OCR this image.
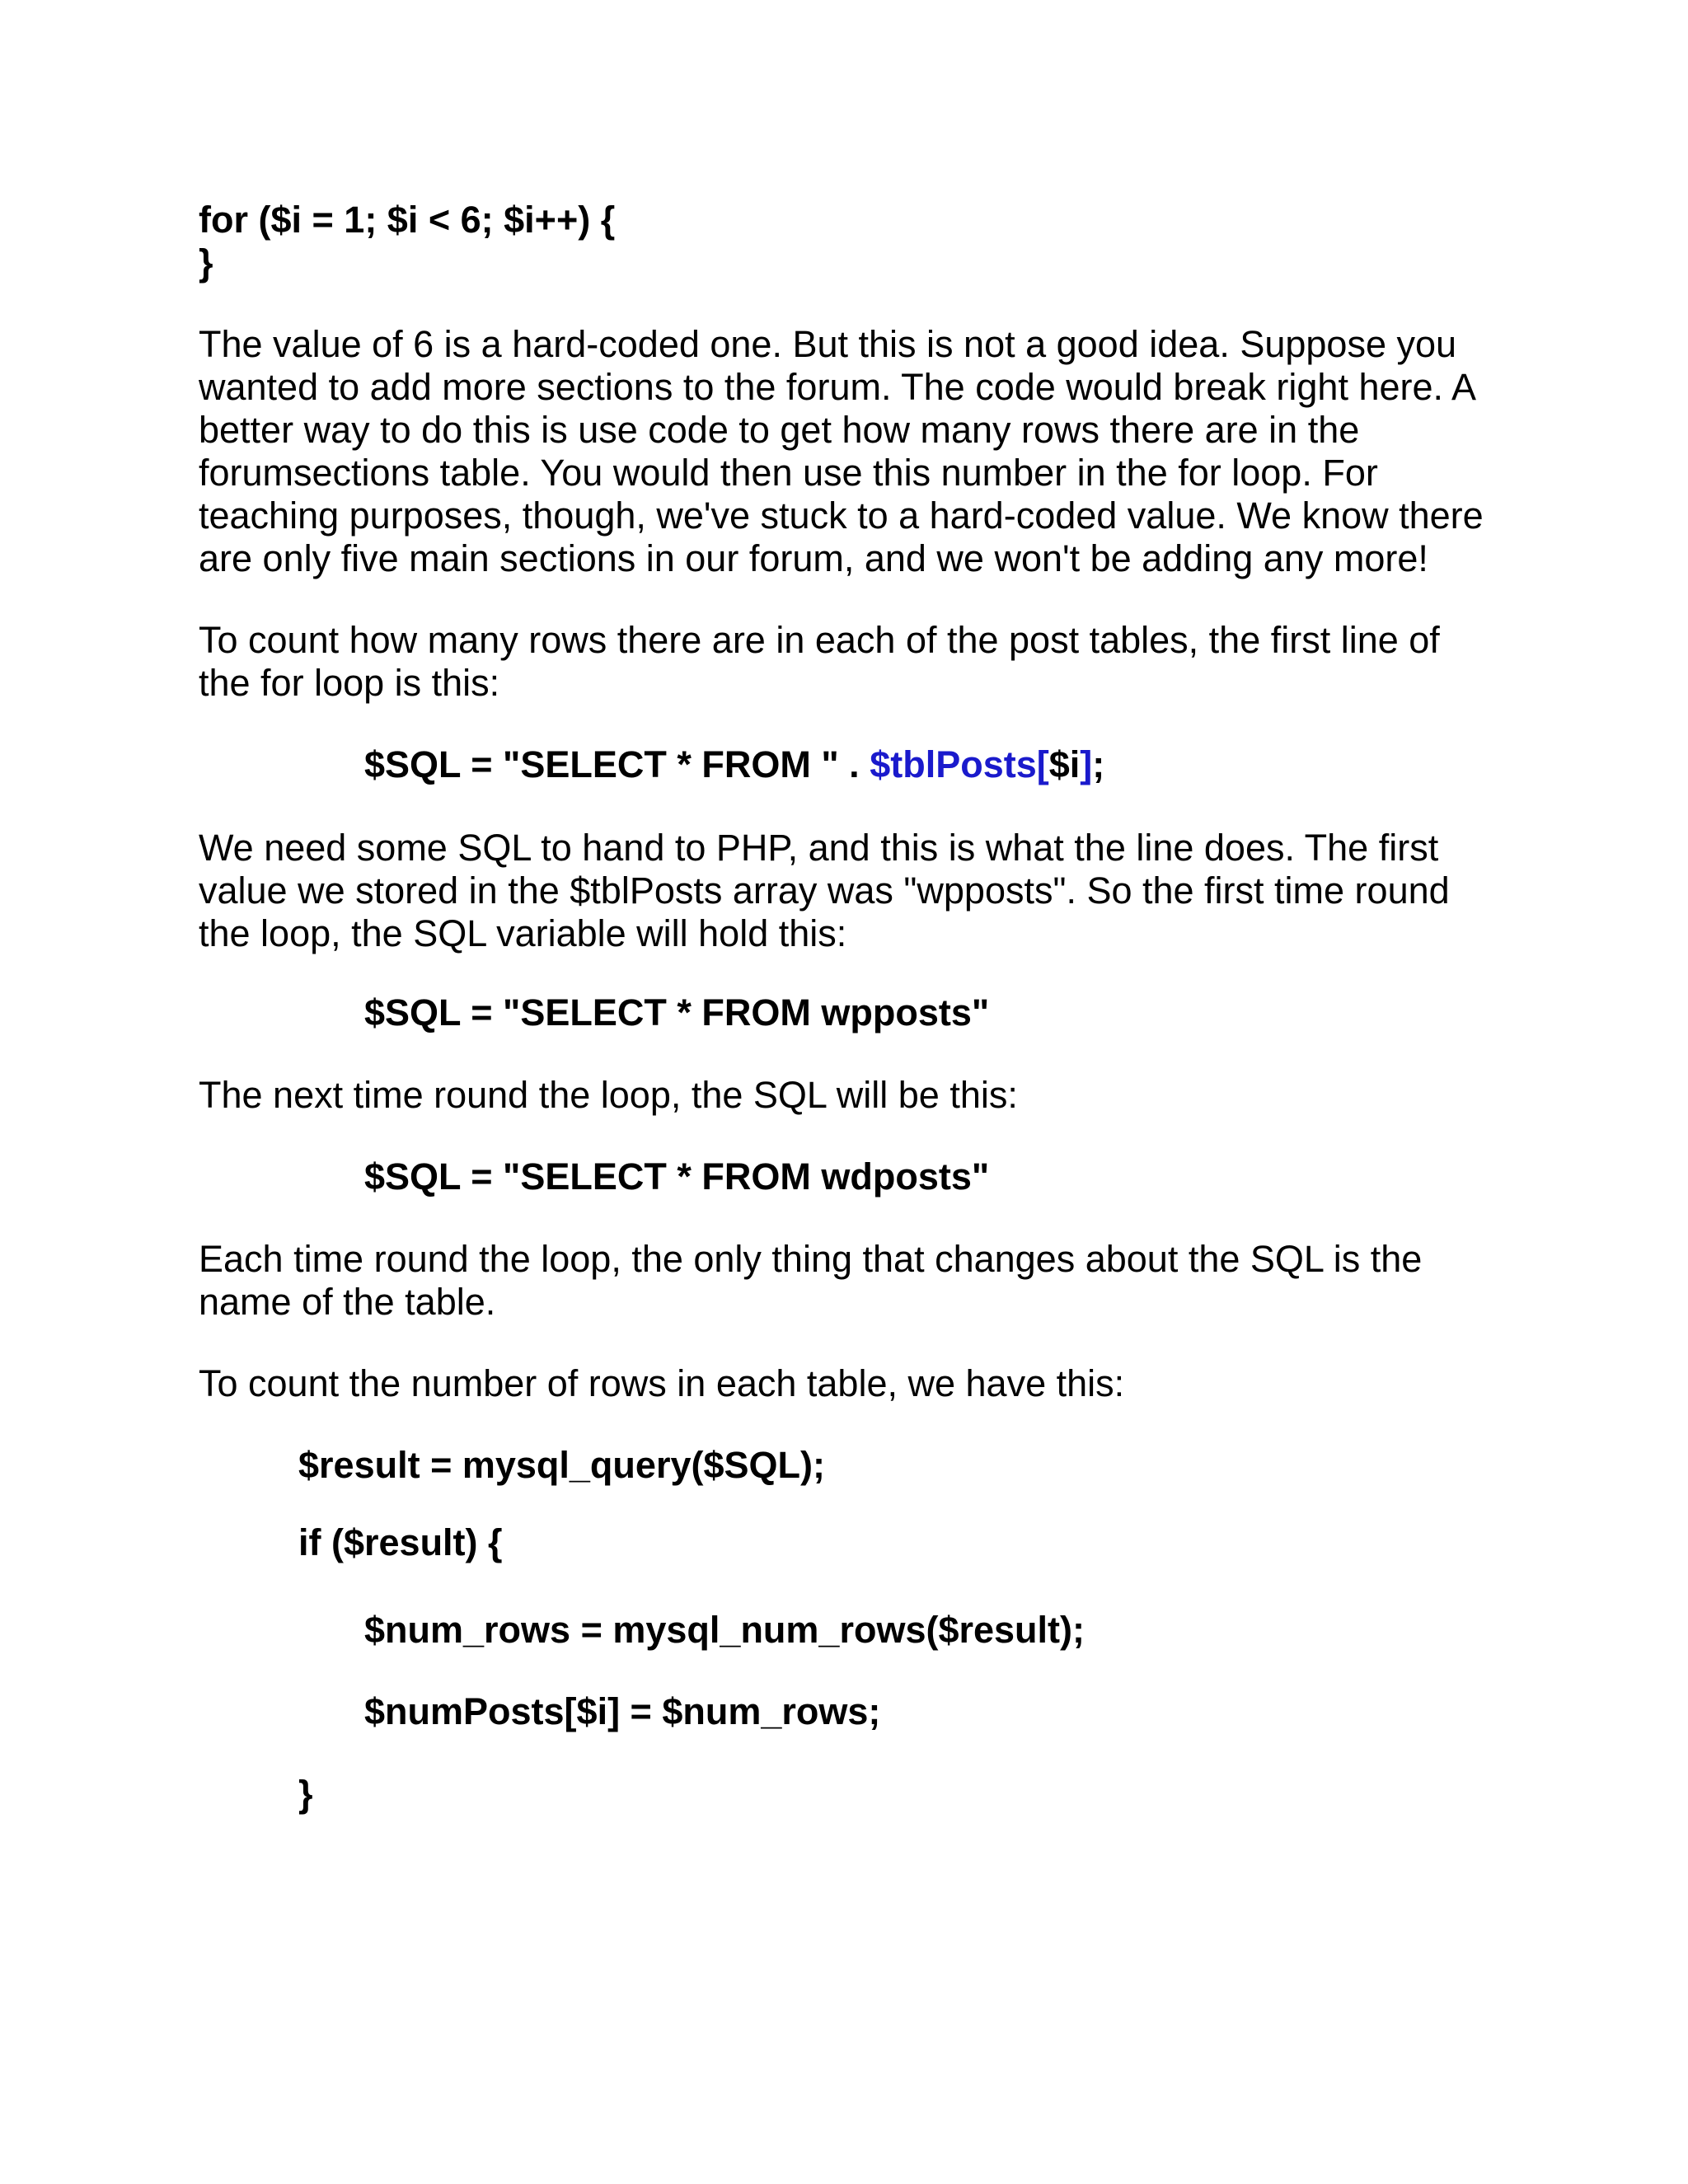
for ($i = 1; $i < 6; $i++) {
}

The value of 6 is a hard-coded one. But this is not a good idea. Suppose you
wanted to add more sections to the forum. The code would break right here. A
better way to do this is use code to get how many rows there are in the
forumsections table. You would then use this number in the for loop. For
teaching purposes, though, we've stuck to a hard-coded value. We know there
are only five main sections in our forum, and we won't be adding any more!

To count how many rows there are in each of the post tables, the first line of
the for loop is this:

$SQL = "SELECT * FROM " . $tblPosts[$i];

We need some SQL to hand to PHP, and this is what the line does. The first
value we stored in the $tblPosts array was "wpposts". So the first time round
the loop, the SQL variable will hold this:

$SQL = "SELECT * FROM wpposts"

The next time round the loop, the SQL will be this:

$SQL = "SELECT * FROM wdposts"

Each time round the loop, the only thing that changes about the SQL is the
name of the table.

To count the number of rows in each table, we have this:

$result = mysql_query($SQL);
if ($result) {
$num_rows = mysql_num_rows($result);
$numPosts[$i] = $num_rows;
}
